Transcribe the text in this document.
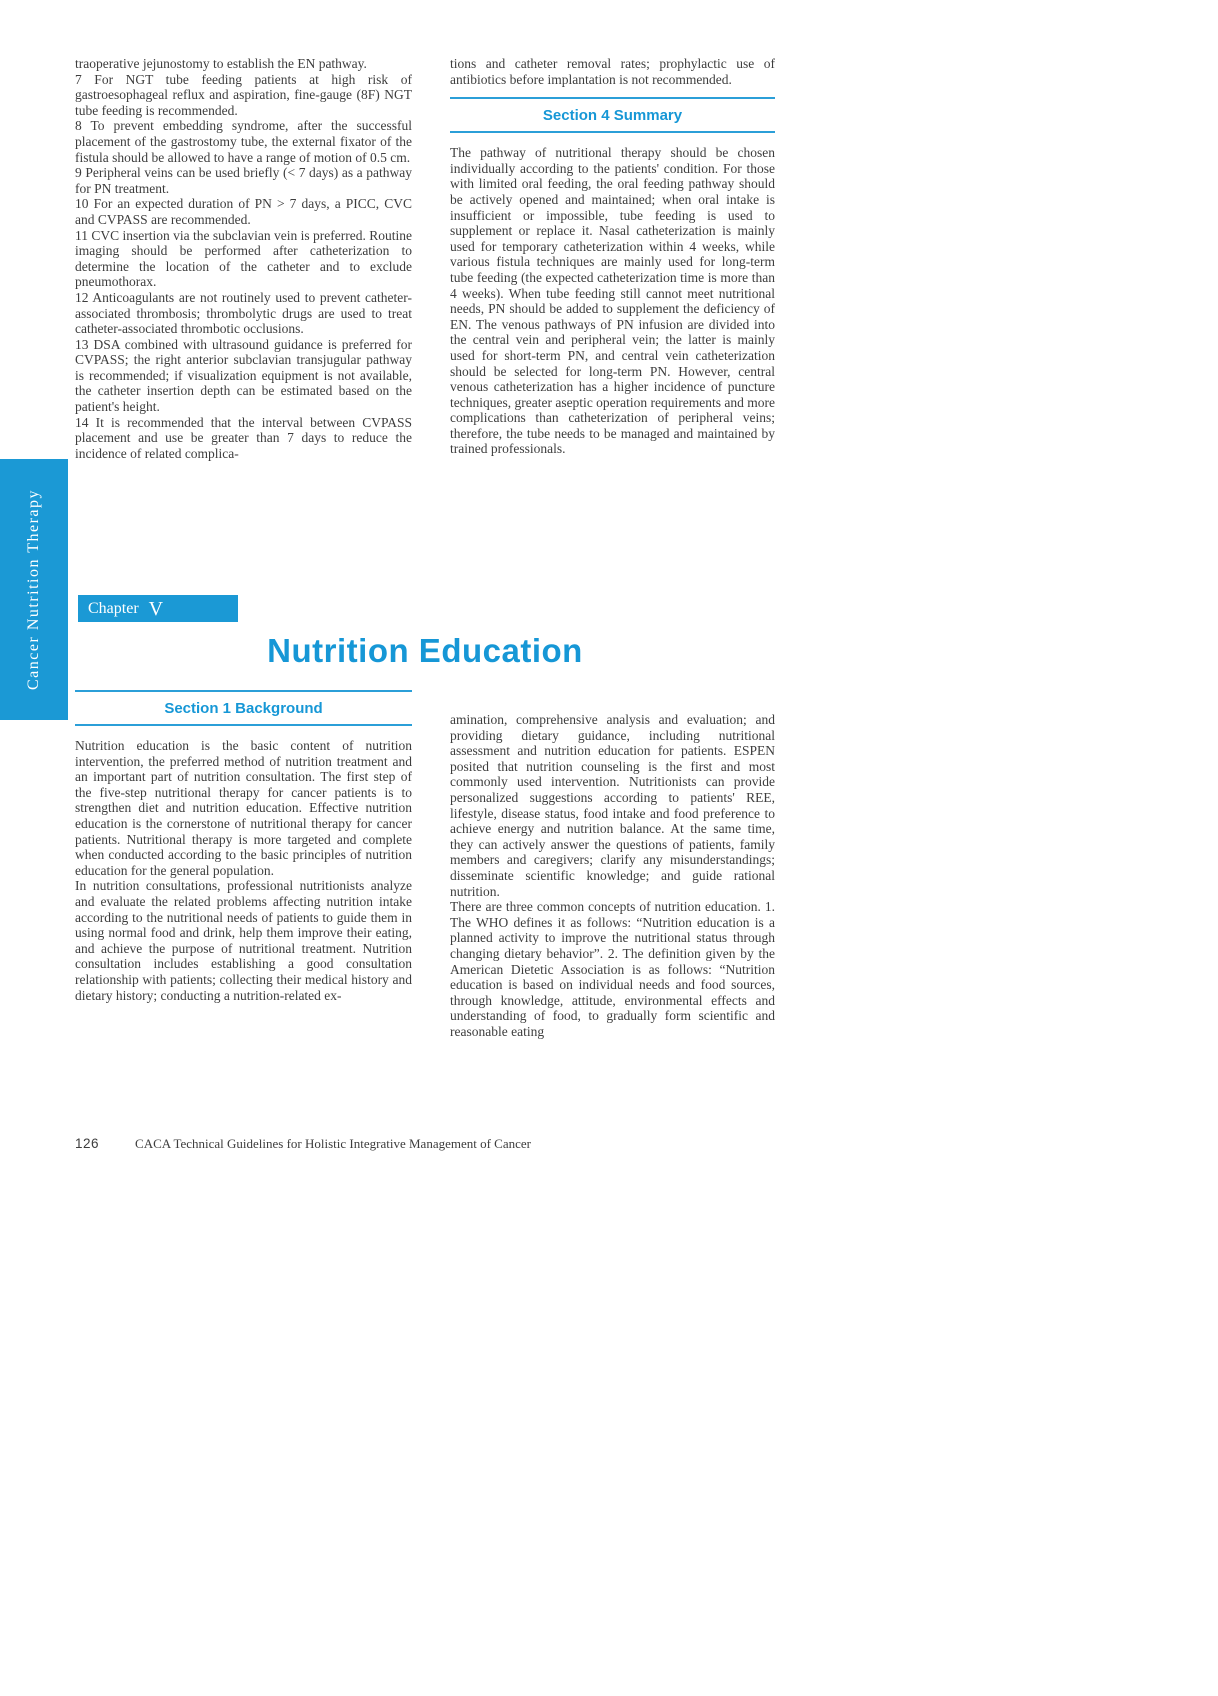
Cancer Nutrition Therapy

traoperative jejunostomy to establish the EN pathway.

7 For NGT tube feeding patients at high risk of gastroesophageal reflux and aspiration, fine-gauge (8F) NGT tube feeding is recommended.

8 To prevent embedding syndrome, after the successful placement of the gastrostomy tube, the external fixator of the fistula should be allowed to have a range of motion of 0.5 cm.

9 Peripheral veins can be used briefly (< 7 days) as a pathway for PN treatment.

10 For an expected duration of PN > 7 days, a PICC, CVC and CVPASS are recommended.

11 CVC insertion via the subclavian vein is preferred. Routine imaging should be performed after catheterization to determine the location of the catheter and to exclude pneumothorax.

12 Anticoagulants are not routinely used to prevent catheter-associated thrombosis; thrombolytic drugs are used to treat catheter-associated thrombotic occlusions.

13 DSA combined with ultrasound guidance is preferred for CVPASS; the right anterior subclavian transjugular pathway is recommended; if visualization equipment is not available, the catheter insertion depth can be estimated based on the patient's height.

14 It is recommended that the interval between CVPASS placement and use be greater than 7 days to reduce the incidence of related complica-

tions and catheter removal rates; prophylactic use of antibiotics before implantation is not recommended.

Section 4 Summary

The pathway of nutritional therapy should be chosen individually according to the patients' condition. For those with limited oral feeding, the oral feeding pathway should be actively opened and maintained; when oral intake is insufficient or impossible, tube feeding is used to supplement or replace it. Nasal catheterization is mainly used for temporary catheterization within 4 weeks, while various fistula techniques are mainly used for long-term tube feeding (the expected catheterization time is more than 4 weeks). When tube feeding still cannot meet nutritional needs, PN should be added to supplement the deficiency of EN. The venous pathways of PN infusion are divided into the central vein and peripheral vein; the latter is mainly used for short-term PN, and central vein catheterization should be selected for long-term PN. However, central venous catheterization has a higher incidence of puncture techniques, greater aseptic operation requirements and more complications than catheterization of peripheral veins; therefore, the tube needs to be managed and maintained by trained professionals.

Chapter V
Nutrition Education
Section 1 Background

Nutrition education is the basic content of nutrition intervention, the preferred method of nutrition treatment and an important part of nutrition consultation. The first step of the five-step nutritional therapy for cancer patients is to strengthen diet and nutrition education. Effective nutrition education is the cornerstone of nutritional therapy for cancer patients. Nutritional therapy is more targeted and complete when conducted according to the basic principles of nutrition education for the general population.

In nutrition consultations, professional nutritionists analyze and evaluate the related problems affecting nutrition intake according to the nutritional needs of patients to guide them in using normal food and drink, help them improve their eating, and achieve the purpose of nutritional treatment. Nutrition consultation includes establishing a good consultation relationship with patients; collecting their medical history and dietary history; conducting a nutrition-related ex-

amination, comprehensive analysis and evaluation; and providing dietary guidance, including nutritional assessment and nutrition education for patients. ESPEN posited that nutrition counseling is the first and most commonly used intervention. Nutritionists can provide personalized suggestions according to patients' REE, lifestyle, disease status, food intake and food preference to achieve energy and nutrition balance. At the same time, they can actively answer the questions of patients, family members and caregivers; clarify any misunderstandings; disseminate scientific knowledge; and guide rational nutrition.

There are three common concepts of nutrition education. 1. The WHO defines it as follows: “Nutrition education is a planned activity to improve the nutritional status through changing dietary behavior”. 2. The definition given by the American Dietetic Association is as follows: “Nutrition education is based on individual needs and food sources, through knowledge, attitude, environmental effects and understanding of food, to gradually form scientific and reasonable eating

126	CACA Technical Guidelines for Holistic Integrative Management of Cancer
